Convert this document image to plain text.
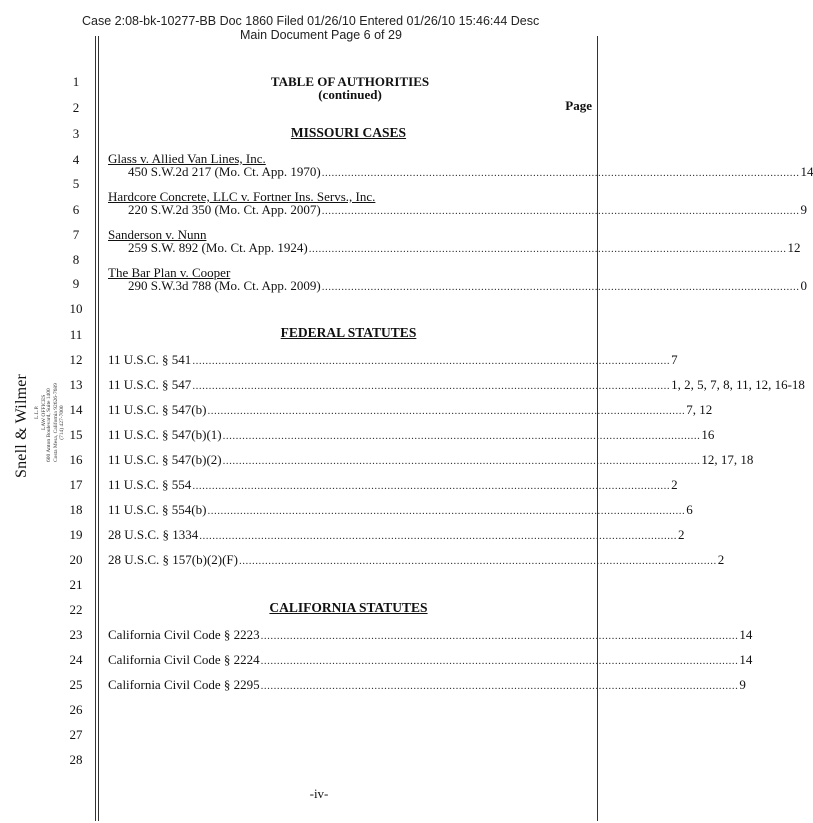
Case 2:08-bk-10277-BB Doc 1860 Filed 01/26/10 Entered 01/26/10 15:46:44 Desc
Main Document Page 6 of 29
1
2
3
4
5
6
7
8
9
10
11
12
13
14
15
16
17
18
19
20
21
22
23
24
25
26
27
28
Snell & Wilmer L.L.P. LAW OFFICES 600 Anton Boulevard, Suite 1400 Costa Mesa, California 92626-7689 (714) 427-7000
TABLE OF AUTHORITIES
(continued)
Page
MISSOURI CASES
Glass v. Allied Van Lines, Inc.
450 S.W.2d 217 (Mo. Ct. App. 1970) ................................................................................................................................................... 14
Hardcore Concrete, LLC v. Fortner Ins. Servs., Inc.
220 S.W.2d 350 (Mo. Ct. App. 2007) ................................................................................................................................................... 9
Sanderson v. Nunn
259 S.W. 892 (Mo. Ct. App. 1924) ................................................................................................................................................... 12
The Bar Plan v. Cooper
290 S.W.3d 788 (Mo. Ct. App. 2009) ................................................................................................................................................... 0
FEDERAL STATUTES
11 U.S.C. § 541 ................................................................................................................................................... 7
11 U.S.C. § 547 ................................................................................................................................................... 1, 2, 5, 7, 8, 11, 12, 16-18
11 U.S.C. § 547(b) ................................................................................................................................................... 7, 12
11 U.S.C. § 547(b)(1) ................................................................................................................................................... 16
11 U.S.C. § 547(b)(2) ................................................................................................................................................... 12, 17, 18
11 U.S.C. § 554 ................................................................................................................................................... 2
11 U.S.C. § 554(b) ................................................................................................................................................... 6
28 U.S.C. § 1334 ................................................................................................................................................... 2
28 U.S.C. § 157(b)(2)(F) ................................................................................................................................................... 2
CALIFORNIA STATUTES
California Civil Code § 2223 ................................................................................................................................................... 14
California Civil Code § 2224 ................................................................................................................................................... 14
California Civil Code § 2295 ................................................................................................................................................... 9
-iv-
